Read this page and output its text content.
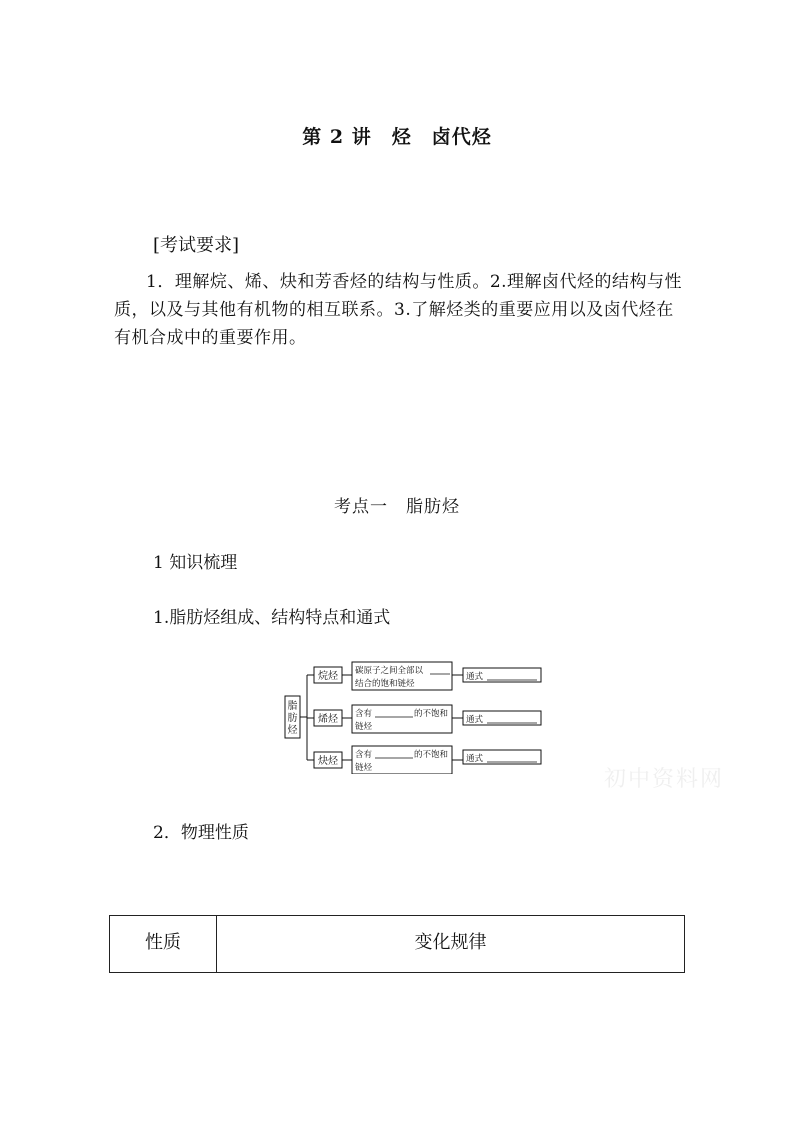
第 2 讲　烃　卤代烃
[考试要求]
1．理解烷、烯、炔和芳香烃的结构与性质。2.理解卤代烃的结构与性质，以及与其他有机物的相互联系。3.了解烃类的重要应用以及卤代烃在有机合成中的重要作用。
考点一　脂肪烃
1 知识梳理
1.脂肪烃组成、结构特点和通式
脂
肪
烃
烷烃 碳原子之间全部以
结合的饱和链烃
通式
烯烃 含有	的不饱和
链烃
通式
炔烃
含有	的不饱和
链烃
通式
初中资料网
2．物理性质
性质	变化规律
